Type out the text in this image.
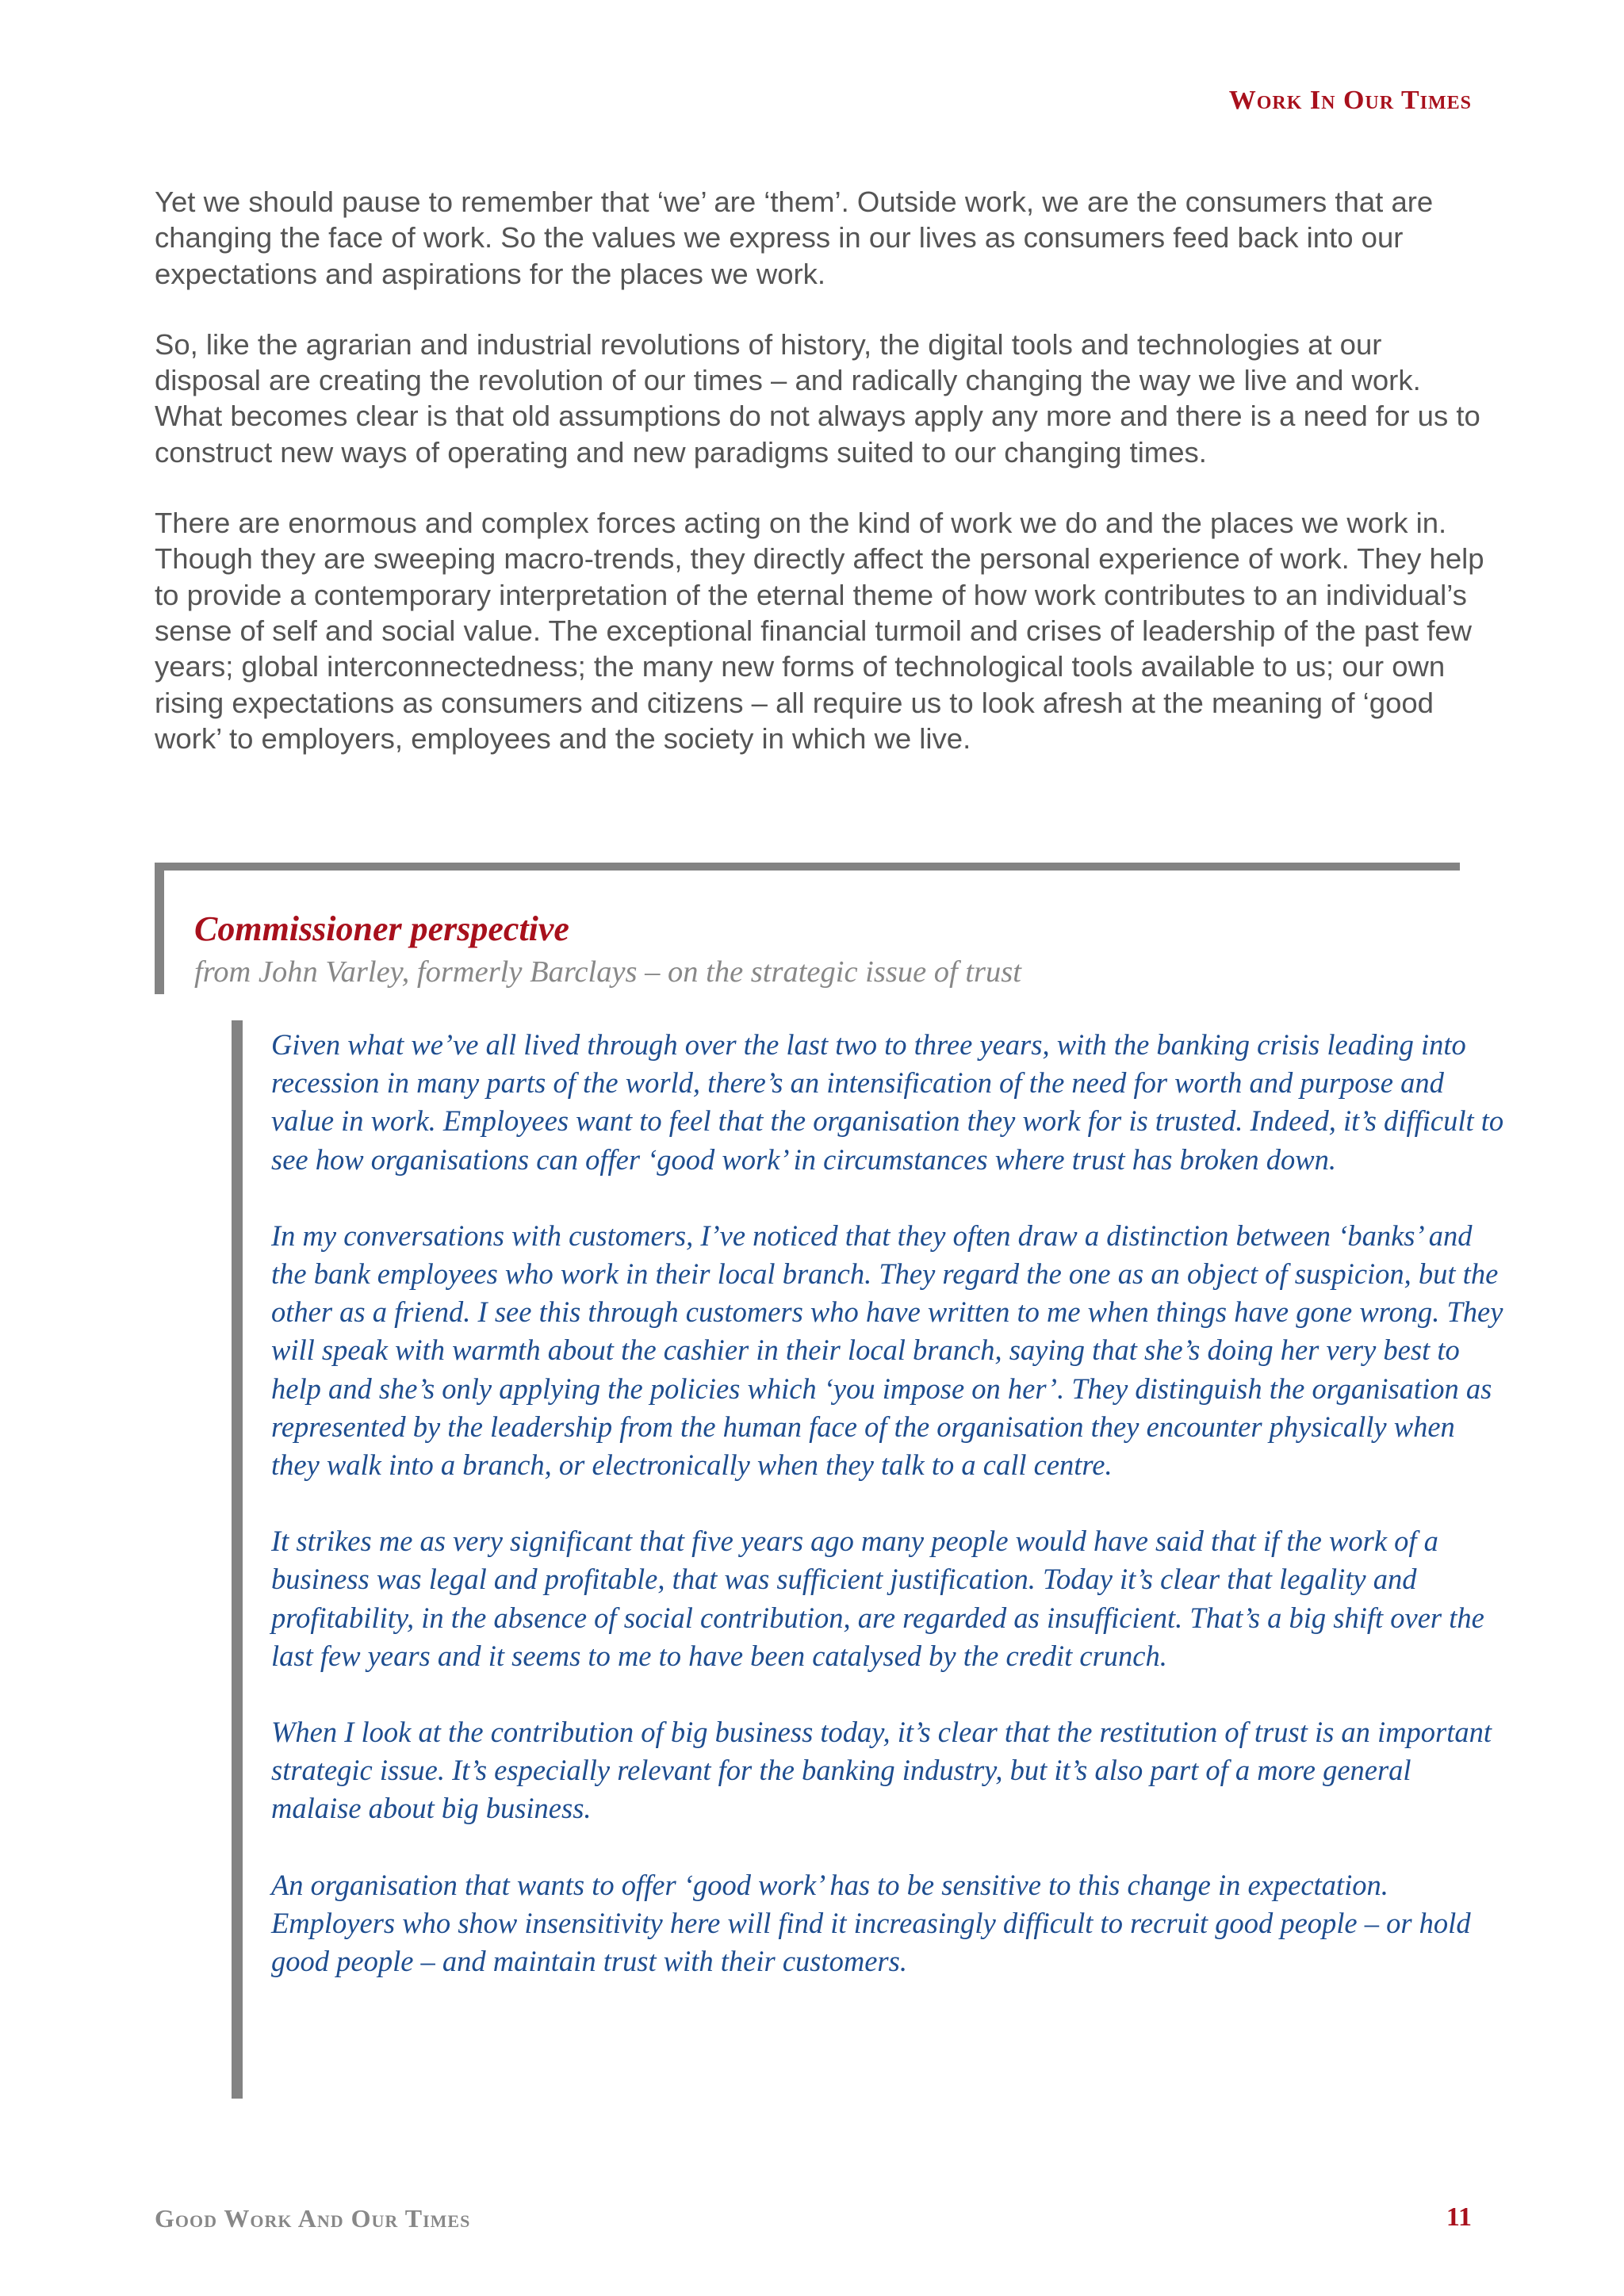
Work In Our Times

Yet we should pause to remember that ‘we’ are ‘them’. Outside work, we are the consumers that are changing the face of work. So the values we express in our lives as consumers feed back into our expectations and aspirations for the places we work.

So, like the agrarian and industrial revolutions of history, the digital tools and technologies at our disposal are creating the revolution of our times – and radically changing the way we live and work. What becomes clear is that old assumptions do not always apply any more and there is a need for us to construct new ways of operating and new paradigms suited to our changing times.

There are enormous and complex forces acting on the kind of work we do and the places we work in. Though they are sweeping macro-trends, they directly affect the personal experience of work. They help to provide a contemporary interpretation of the eternal theme of how work contributes to an individual’s sense of self and social value. The exceptional financial turmoil and crises of leadership of the past few years; global interconnectedness; the many new forms of technological tools available to us; our own rising expectations as consumers and citizens – all require us to look afresh at the meaning of ‘good work’ to employers, employees and the society in which we live.

Commissioner perspective

from John Varley, formerly Barclays – on the strategic issue of trust

Given what we’ve all lived through over the last two to three years, with the banking crisis leading into recession in many parts of the world, there’s an intensification of the need for worth and purpose and value in work. Employees want to feel that the organisation they work for is trusted. Indeed, it’s difficult to see how organisations can offer ‘good work’ in circumstances where trust has broken down.

In my conversations with customers, I’ve noticed that they often draw a distinction between ‘banks’ and the bank employees who work in their local branch. They regard the one as an object of suspicion, but the other as a friend. I see this through customers who have written to me when things have gone wrong. They will speak with warmth about the cashier in their local branch, saying that she’s doing her very best to help and she’s only applying the policies which ‘you impose on her’. They distinguish the organisation as represented by the leadership from the human face of the organisation they encounter physically when they walk into a branch, or electronically when they talk to a call centre.

It strikes me as very significant that five years ago many people would have said that if the work of a business was legal and profitable, that was sufficient justification. Today it’s clear that legality and profitability, in the absence of social contribution, are regarded as insufficient. That’s a big shift over the last few years and it seems to me to have been catalysed by the credit crunch.

When I look at the contribution of big business today, it’s clear that the restitution of trust is an important strategic issue. It’s especially relevant for the banking industry, but it’s also part of a more general malaise about big business.

An organisation that wants to offer ‘good work’ has to be sensitive to this change in expectation. Employers who show insensitivity here will find it increasingly difficult to recruit good people – or hold good people – and maintain trust with their customers.

Good Work And Our Times	11
